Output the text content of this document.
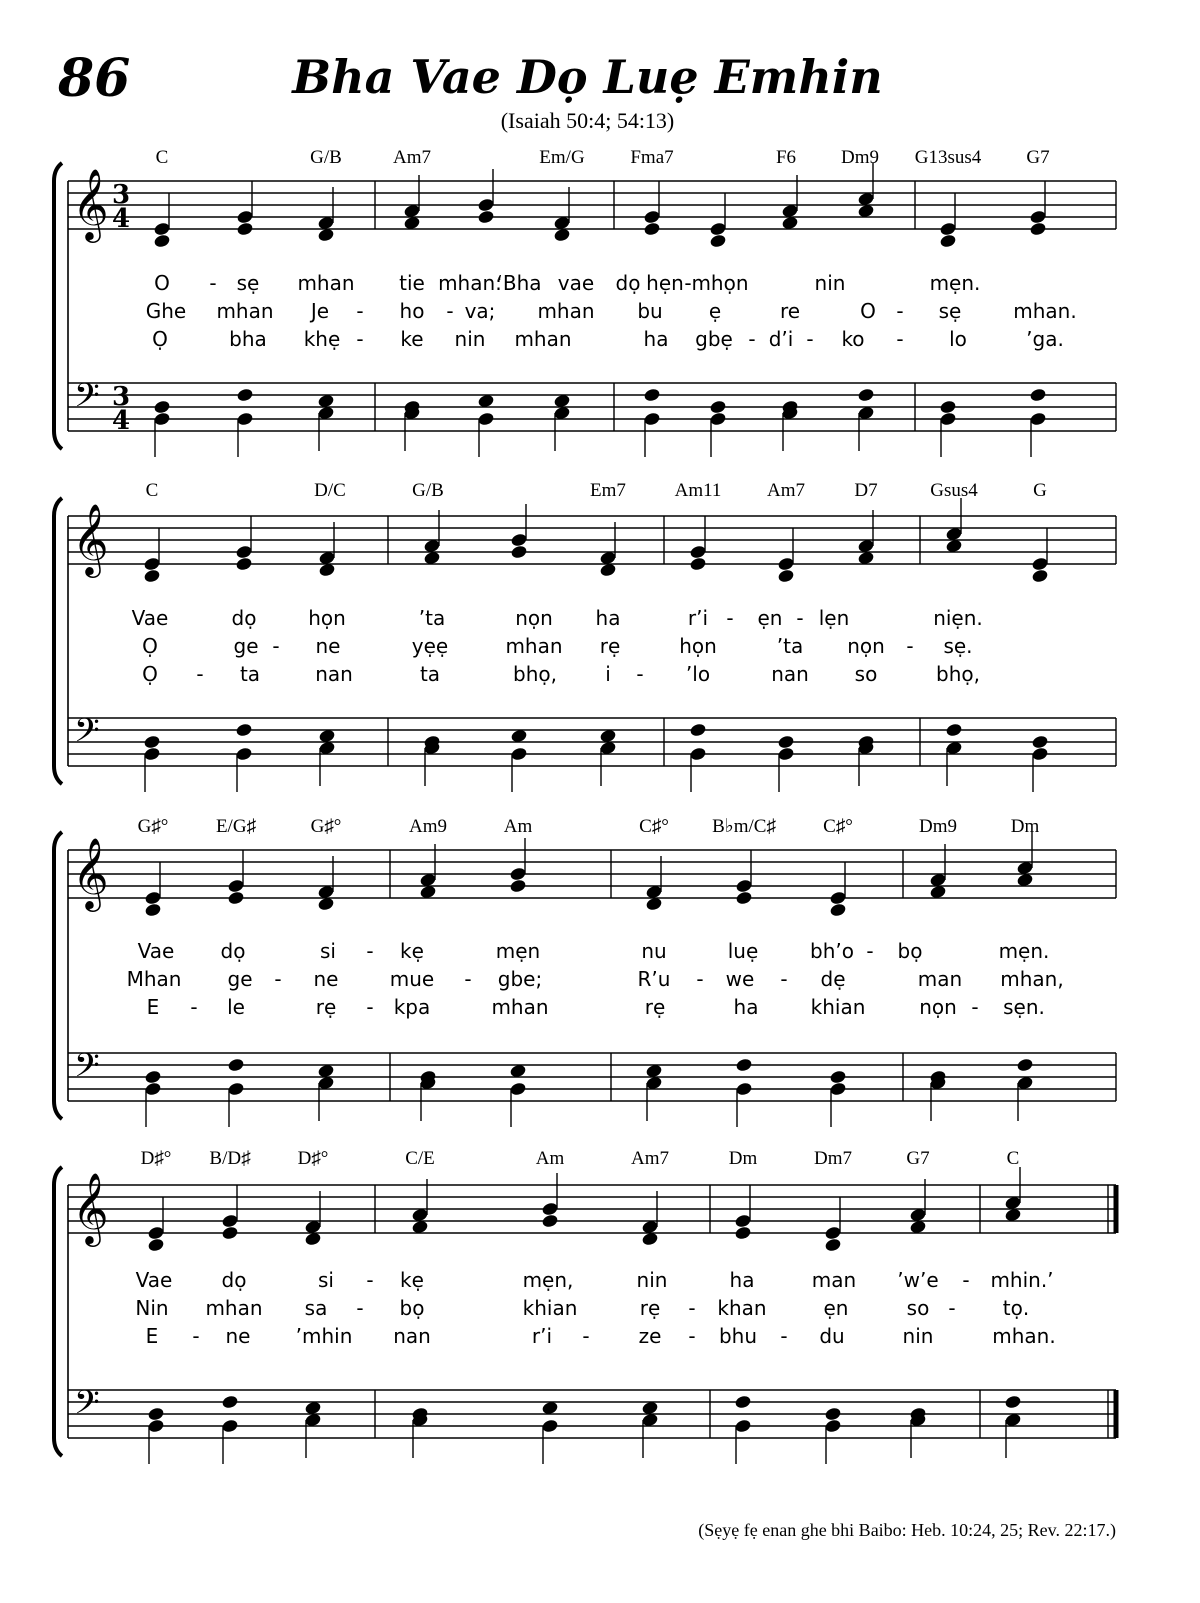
86	Bha Vae Dọ Luẹ Emhin
(Isaiah 50:4; 54:13)
𝄞
𝄢
3
4
3
4
C	G/B	Am7	Em/G Fma7	F6 Dm9 G13sus4 G7
O - sẹ mhan tie mhan:
‘Bha vae dọ hẹn - mhọn	nin	mẹn.
Ghe mhan Je - ho - va; mhan bu ẹ	re	O - sẹ	mhan.
Ọ	bha khẹ - ke nin mhan	ha gbẹ - d’i - ko - lo	’ga.
𝄞
𝄢
C	D/C	G/B	Em7	Am11 Am7	D7	Gsus4	G
Vae	dọ	họn	’ta	nọn ha	r’i - ẹn - lẹn	niẹn.
Ọ	ge - ne	yẹẹ	mhan rẹ	họn	’ta nọn - sẹ.
Ọ - ta	nan	ta	bhọ, i - ’lo	nan so	bhọ,
𝄞
𝄢
G♯°	E/G♯	G♯°	Am9	Am	C♯° B♭m/C♯ C♯°	Dm9	Dm
Vae dọ	si - kẹ	mẹn	nu	luẹ	bh’o - bọ	mẹn.
Mhan ge - ne	mue - gbe;	R’u - we - dẹ	man mhan,
E - le	rẹ - kpa	mhan	rẹ	ha	khian	nọn - sẹn.
𝄞
𝄢
D♯° B/D♯ D♯°	C/E	Am	Am7	Dm	Dm7	G7	C
Vae dọ	si - kẹ	mẹn,	nin	ha	man ’w’e - mhin.’
Nin mhan sa - bọ	khian	rẹ - khan	ẹn	so - tọ.
E - ne ’mhin nan	r’i - ze - bhu - du	nin	mhan.
(Sẹyẹ fẹ enan ghe bhi Baibo: Heb. 10:24, 25; Rev. 22:17.)
